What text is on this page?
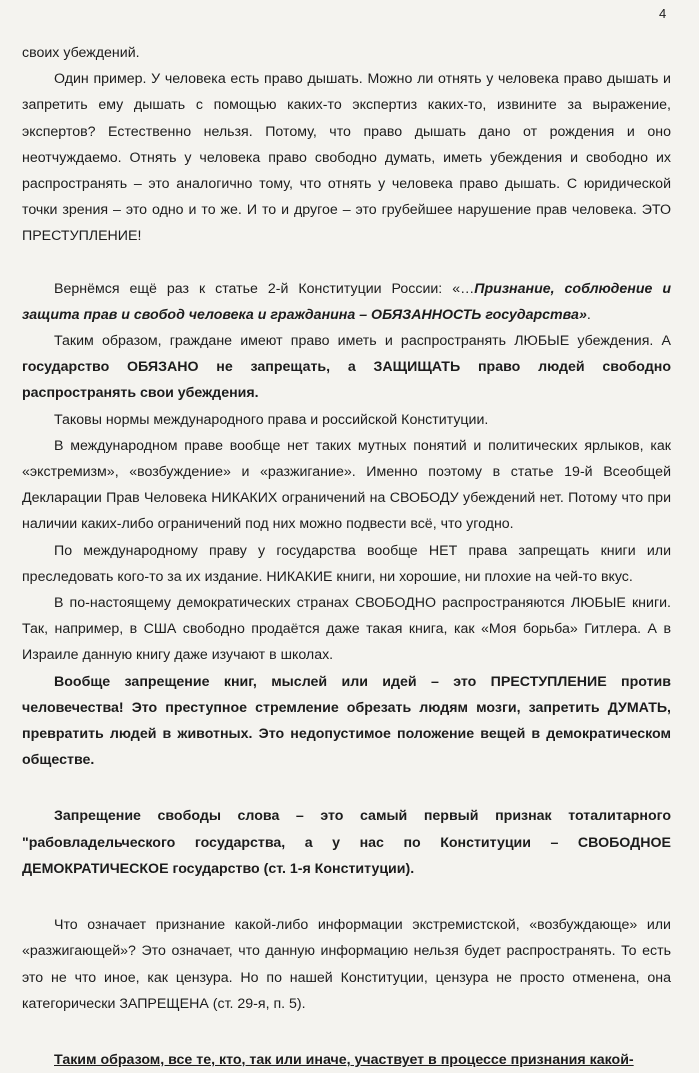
4

своих убеждений.

Один пример. У человека есть право дышать. Можно ли отнять у человека право дышать и запретить ему дышать с помощью каких-то экспертиз каких-то, извините за выражение, экспертов? Естественно нельзя. Потому, что право дышать дано от рождения и оно неотчуждаемо. Отнять у человека право свободно думать, иметь убеждения и свободно их распространять – это аналогично тому, что отнять у человека право дышать. С юридической точки зрения – это одно и то же. И то и другое – это грубейшее нарушение прав человека. ЭТО ПРЕСТУПЛЕНИЕ!

Вернёмся ещё раз к статье 2-й Конституции России: «…Признание, соблюдение и защита прав и свобод человека и гражданина – ОБЯЗАННОСТЬ государства».

Таким образом, граждане имеют право иметь и распространять ЛЮБЫЕ убеждения. А государство ОБЯЗАНО не запрещать, а ЗАЩИЩАТЬ право людей свободно распространять свои убеждения.

Таковы нормы международного права и российской Конституции.

В международном праве вообще нет таких мутных понятий и политических ярлыков, как «экстремизм», «возбуждение» и «разжигание». Именно поэтому в статье 19-й Всеобщей Декларации Прав Человека НИКАКИХ ограничений на СВОБОДУ убеждений нет. Потому что при наличии каких-либо ограничений под них можно подвести всё, что угодно.

По международному праву у государства вообще НЕТ права запрещать книги или преследовать кого-то за их издание. НИКАКИЕ книги, ни хорошие, ни плохие на чей-то вкус.

В по-настоящему демократических странах СВОБОДНО распространяются ЛЮБЫЕ книги. Так, например, в США свободно продаётся даже такая книга, как «Моя борьба» Гитлера. А в Израиле данную книгу даже изучают в школах.

Вообще запрещение книг, мыслей или идей – это ПРЕСТУПЛЕНИЕ против человечества! Это преступное стремление обрезать людям мозги, запретить ДУМАТЬ, превратить людей в животных. Это недопустимое положение вещей в демократическом обществе.

Запрещение свободы слова – это самый первый признак тоталитарного "рабовладельческого государства, а у нас по Конституции – СВОБОДНОЕ ДЕМОКРАТИЧЕСКОЕ государство (ст. 1-я Конституции).

Что означает признание какой-либо информации экстремистской, «возбуждающе» или «разжигающей»? Это означает, что данную информацию нельзя будет распространять. То есть это не что иное, как цензура. Но по нашей Конституции, цензура не просто отменена, она категорически ЗАПРЕЩЕНА (ст. 29-я, п. 5).

Таким образом, все те, кто, так или иначе, участвует в процессе признания какой-
